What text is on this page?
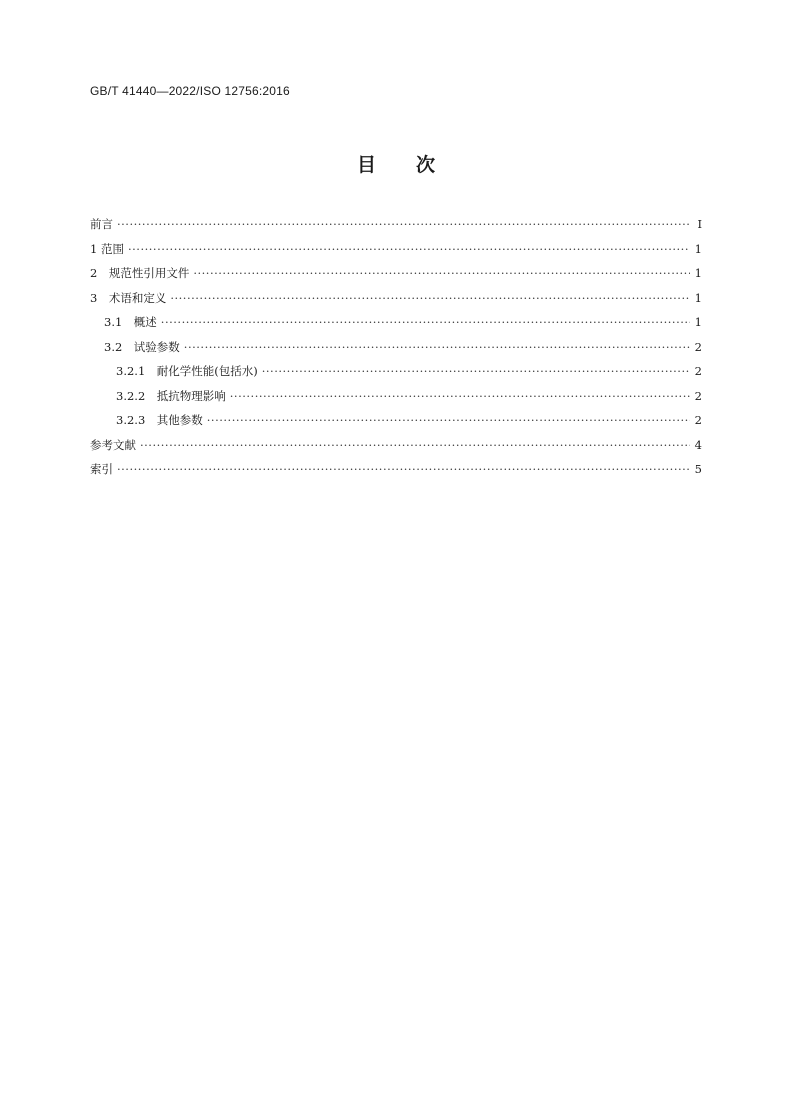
GB/T 41440—2022/ISO 12756:2016
目次
前言 ·····	I
1 范围 ·····	1
2　规范性引用文件 ·····	1
3　术语和定义 ·····	1
3.1　概述 ·····	1
3.2　试验参数 ·····	2
3.2.1　耐化学性能(包括水) ·····	2
3.2.2　抵抗物理影响 ·····	2
3.2.3　其他参数 ·····	2
参考文献 ·····	4
索引 ·····	5
